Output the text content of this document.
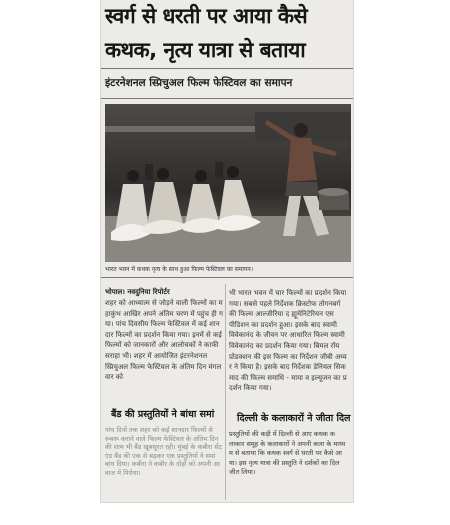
स्वर्ग से धरती पर आया कैसे
कथक, नृत्य यात्रा से बताया
इंटरनेशनल स्प्रिचुअल फिल्म फेस्टिवल का समापन
भारत भवन में कथक नृत्य के साथ हुआ फिल्म फेस्टिवल का समापन।
भोपाल। नवदुनिया रिपोर्टर

शहर को आध्यात्म से जोड़ने वाली फिल्मों का महाकुंभ आखिर अपने अंतिम चरण में पहुंच ही गया। पांच दिवसीय फिल्म फेस्टिवल में कई शानदार फिल्मों का प्रदर्शन किया गया। इनमें से कई फिल्मों को जानकारों और आलोचकों ने काफी सराहा भी। शहर में आयोजित इंटरनेशनल स्प्रिचुअल फिल्म फेस्टिवल के अंतिम दिन मंगलवार को

भी भारत भवन में चार फिल्मों का प्रदर्शन किया गया। सबसे पहले निर्देशक क्रिस्टोफ तोगनबर्ग की फिल्म आल्जीरिया द ह्यूमेनिटेरियन एसपीडिशन का प्रदर्शन हुआ। इसके बाद स्वामी विवेकानंद के जीवन पर आधारित फिल्म स्वामी विवेकानंद का प्रदर्शन किया गया। बिमल रॉय प्रोडक्शन की इस फिल्म का निर्देशन जीबी अय्यर ने किया है। इसके बाद निर्देशक डेनियल सिकमाद की फिल्म समाधि - माया व इल्यूजन का प्रदर्शन किया गया।

बैंड की प्रस्तुतियों ने बांधा समां दिल्ली के कलाकारों ने जीता दिल

पांच दिनों तक शहर को कई शानदार फिल्मों से रूबरू कराने वाले फिल्म फेस्टिवल के अंतिम दिन की शाम भी बैंड खूबसूरत रही। मुंबई के कबीरा सेंट एंड बैंड की एक से बढ़कर एक प्रस्तुतियों ने समां बांध दिया। कबीरा ने कबीर के दोहों को अपनी आवाज में पिरोया।

प्रस्तुतियों की कड़ी में दिल्ली से आए कथक कलाकार समूह के कलाकारों ने अपनी कला के माध्यम से बताया कि कथक स्वर्ग से धरती पर कैसे आया। इस नृत्य यात्रा की प्रस्तुति ने दर्शकों का दिल जीत लिया।
